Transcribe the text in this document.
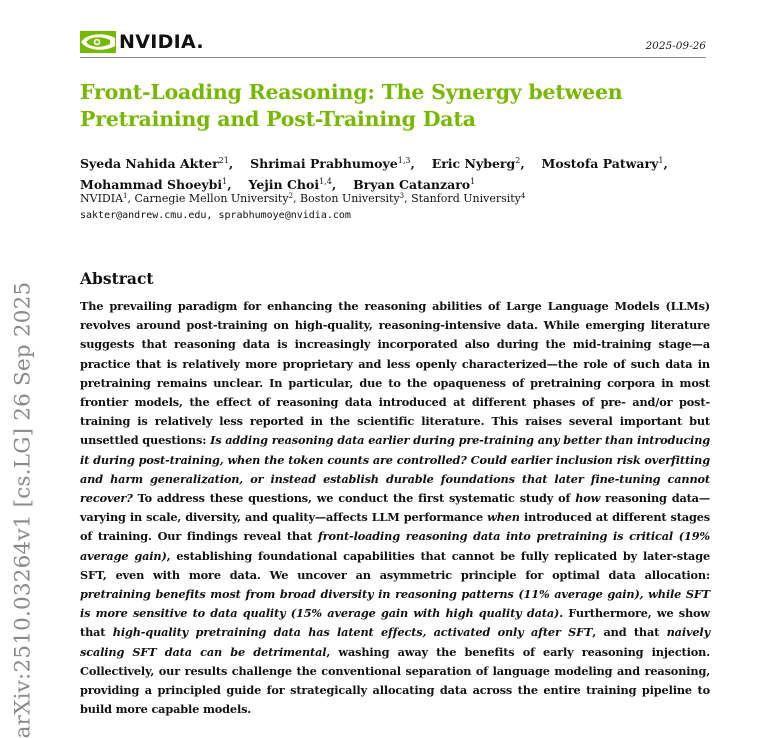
NVIDIA.	2025-09-26
Front-Loading Reasoning: The Synergy between Pretraining and Post-Training Data
Syeda Nahida Akter$^{21}$,  Shrimai Prabhumoye$^{1,3}$,  Eric Nyberg$^2$,  Mostofa Patwary$^1$, Mohammad Shoeybi$^1$,  Yejin Choi$^{1,4}$,  Bryan Catanzaro$^1$
NVIDIA$^1$, Carnegie Mellon University$^2$, Boston University$^3$, Stanford University$^4$
sakter@andrew.cmu.edu, sprabhumoye@nvidia.com
Abstract

The prevailing paradigm for enhancing the reasoning abilities of Large Language Models (LLMs) revolves around post-training on high-quality, reasoning-intensive data. While emerging literature suggests that reasoning data is increasingly incorporated also during the mid-training stage—a practice that is relatively more proprietary and less openly characterized—the role of such data in pretraining remains unclear. In particular, due to the opaqueness of pretraining corpora in most frontier models, the effect of reasoning data introduced at different phases of pre- and/or post-training is relatively less reported in the scientific literature. This raises several important but unsettled questions: Is adding reasoning data earlier during pre-training any better than introducing it during post-training, when the token counts are controlled? Could earlier inclusion risk overfitting and harm generalization, or instead establish durable foundations that later fine-tuning cannot recover? To address these questions, we conduct the first systematic study of how reasoning data—varying in scale, diversity, and quality—affects LLM performance when introduced at different stages of training. Our findings reveal that front-loading reasoning data into pretraining is critical (19% average gain), establishing foundational capabilities that cannot be fully replicated by later-stage SFT, even with more data. We uncover an asymmetric principle for optimal data allocation: pretraining benefits most from broad diversity in reasoning patterns (11% average gain), while SFT is more sensitive to data quality (15% average gain with high quality data). Furthermore, we show that high-quality pretraining data has latent effects, activated only after SFT, and that naively scaling SFT data can be detrimental, washing away the benefits of early reasoning injection. Collectively, our results challenge the conventional separation of language modeling and reasoning, providing a principled guide for strategically allocating data across the entire training pipeline to build more capable models.

arXiv:2510.03264v1 [cs.LG] 26 Sep 2025
